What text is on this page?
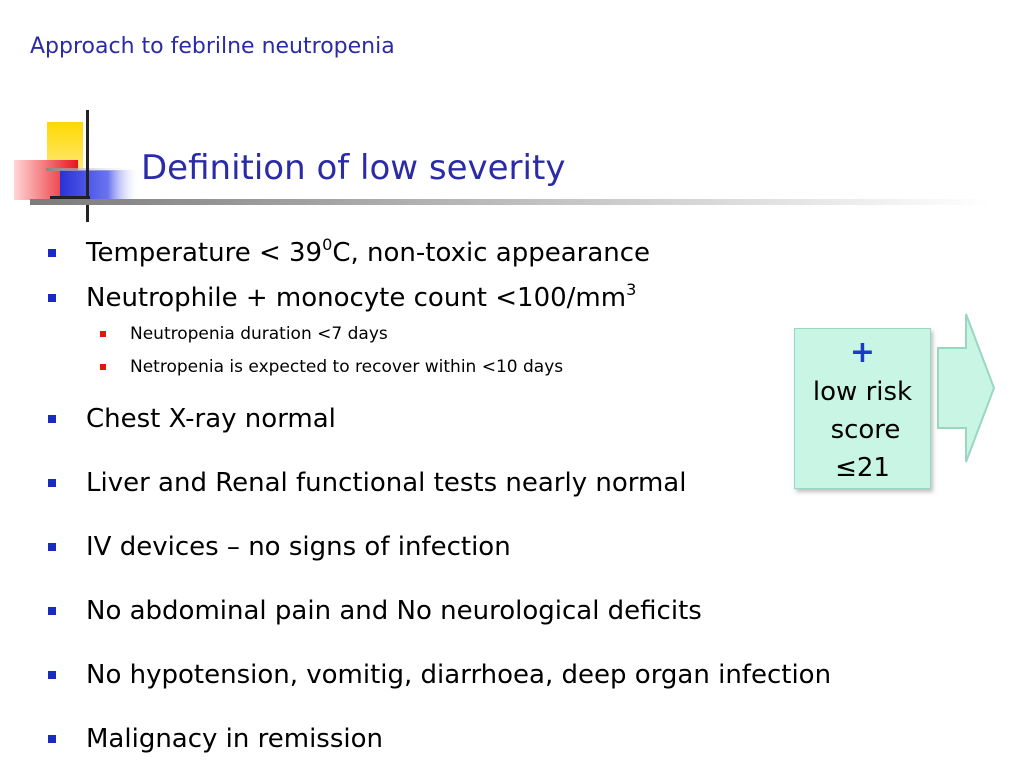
Approach to febrilne neutropenia
Definition of low severity
Temperature < $39^0C$, non-toxic appearance
Neutrophile + monocyte count $<100/mm^3$
Neutropenia duration <7 days
Netropenia is expected to recover within <10 days
Chest X-ray normal
Liver and Renal functional tests nearly normal
IV devices – no signs of infection
No abdominal pain and No neurological deficits
No hypotension, vomitig, diarrhoea, deep organ infection
Malignacy in remission
+
low risk
score
≤21
